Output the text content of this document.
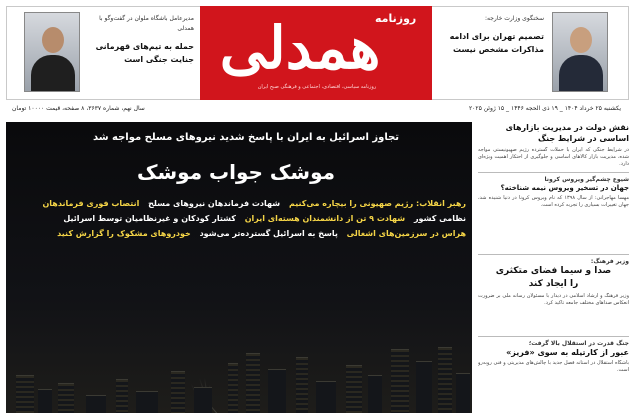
مدیرعامل باشگاه ملوان در گفت‌وگو با همدلی
حمله به تیم‌های قهرمانی
جنایت جنگی است
روزنامه
همدلی
روزنامه سیاسی، اقتصادی، اجتماعی و فرهنگی صبح ایران
سخنگوی وزارت خارجه:
تصمیم تهران برای ادامه
مذاکرات مشخص نیست
یکشنبه ۲۵ خرداد ۱۴۰۴ _ ۱۹ ذی الحجه ۱۴۴۶ _ ۱۵ ژوئن ۲۰۲۵
سال نهم، شماره ۳۶۳۷، ۸ صفحه، قیمت ۱۰۰۰۰ تومان
تجاوز اسرائیل به ایران با پاسخ شدید نیروهای مسلح مواجه شد
موشک جواب موشک
رهبر انقلاب: رژیم صهیونی را بیچاره می‌کنیم شهادت فرماندهان نیروهای مسلح انتصاب فوری فرماندهان نظامی کشور شهادت ۹ تن از دانشمندان هسته‌ای ایران کشتار کودکان و غیرنظامیان توسط اسرائیل هراس در سرزمین‌های اشغالی پاسخ به اسرائیل گسترده‌تر می‌شود خودروهای مشکوک را گزارش کنید
نقش دولت در مدیریت بازارهای
اساسی در شرایط جنگ
در شرایط جنگی که ایران با حملات گسترده رژیم صهیونیستی مواجه شده، مدیریت بازار کالاهای اساسی و جلوگیری از احتکار اهمیت ویژه‌ای دارد.
شیوع چشم‌گیر ویروس کرونا
جهان در تسخیر ویروس نیمه شناخته؟
مهسا مهاجرانی: از سال ۱۳۹۸ که نام ویروس کرونا در دنیا شنیده شد، جهان تغییرات بسیاری را تجربه کرده است.
وزیر فرهنگ:
صدا و سیما فضای متکثری
را ایجاد کند
وزیر فرهنگ و ارشاد اسلامی در دیدار با مسئولان رسانه ملی بر ضرورت انعکاس صداهای مختلف جامعه تاکید کرد.
جنگ قدرت در استقلال بالا گرفت؛
عبور از کارتیله به سوی «فریز»
باشگاه استقلال در آستانه فصل جدید با چالش‌های مدیریتی و فنی روبه‌رو است.
